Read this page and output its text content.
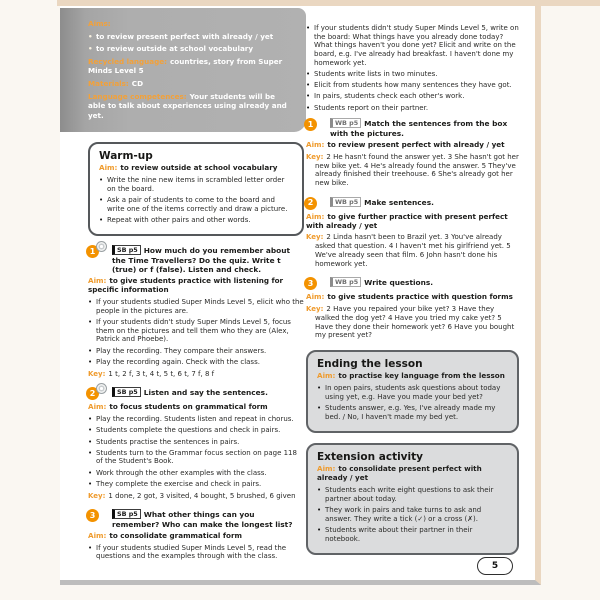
Aims:

• to review present perfect with already / yet
• to review outside at school vocabulary

Recycled language: countries, story from Super Minds Level 5

Materials: CD

Language competences: Your students will be able to talk about experiences using already and yet.

Warm-up

Aim: to review outside at school vocabulary

• Write the nine new items in scrambled letter order on the board.
• Ask a pair of students to come to the board and write one of the items correctly and draw a picture.
• Repeat with other pairs and other words.
1	SB p5 How much do you remember about the Time Travellers? Do the quiz. Write t (true) or f (false). Listen and check.

Aim: to give students practice with listening for specific information

• If your students studied Super Minds Level 5, elicit who the people in the pictures are.
• If your students didn't study Super Minds Level 5, focus them on the pictures and tell them who they are (Alex, Patrick and Phoebe).
• Play the recording. They compare their answers.
• Play the recording again. Check with the class.

Key: 1 t, 2 f, 3 t, 4 t, 5 t, 6 t, 7 f, 8 f

2	SB p5 Listen and say the sentences.

Aim: to focus students on grammatical form

• Play the recording. Students listen and repeat in chorus.
• Students complete the questions and check in pairs.
• Students practise the sentences in pairs.
• Students turn to the Grammar focus section on page 118 of the Student's Book.
• Work through the other examples with the class.
• They complete the exercise and check in pairs.

Key: 1 done, 2 got, 3 visited, 4 bought, 5 brushed, 6 given

3	SB p5 What other things can you remember? Who can make the longest list?

Aim: to consolidate grammatical form

• If your students studied Super Minds Level 5, read the questions and the examples through with the class.
• If your students didn't study Super Minds Level 5, write on the board: What things have you already done today? What things haven't you done yet? Elicit and write on the board, e.g. I've already had breakfast. I haven't done my homework yet.
• Students write lists in two minutes.
• Elicit from students how many sentences they have got.
• In pairs, students check each other's work.
• Students report on their partner.
1	WB p5 Match the sentences from the box with the pictures.

Aim: to review present perfect with already / yet

Key: 2 He hasn't found the answer yet. 3 She hasn't got her new bike yet. 4 He's already found the answer. 5 They've already finished their treehouse. 6 She's already got her new bike.

2	WB p5 Make sentences.

Aim: to give further practice with present perfect with already / yet

Key: 2 Linda hasn't been to Brazil yet. 3 You've already asked that question. 4 I haven't met his girlfriend yet. 5 We've already seen that film. 6 John hasn't done his homework yet.

3	WB p5 Write questions.

Aim: to give students practice with question forms

Key: 2 Have you repaired your bike yet? 3 Have they walked the dog yet? 4 Have you tried my cake yet? 5 Have they done their homework yet? 6 Have you bought my present yet?

Ending the lesson

Aim: to practise key language from the lesson

• In open pairs, students ask questions about today using yet, e.g. Have you made your bed yet?
• Students answer, e.g. Yes, I've already made my bed. / No, I haven't made my bed yet.
Extension activity

Aim: to consolidate present perfect with already / yet

• Students each write eight questions to ask their partner about today.
• They work in pairs and take turns to ask and answer. They write a tick (✓) or a cross (✗).
• Students write about their partner in their notebook.
5
